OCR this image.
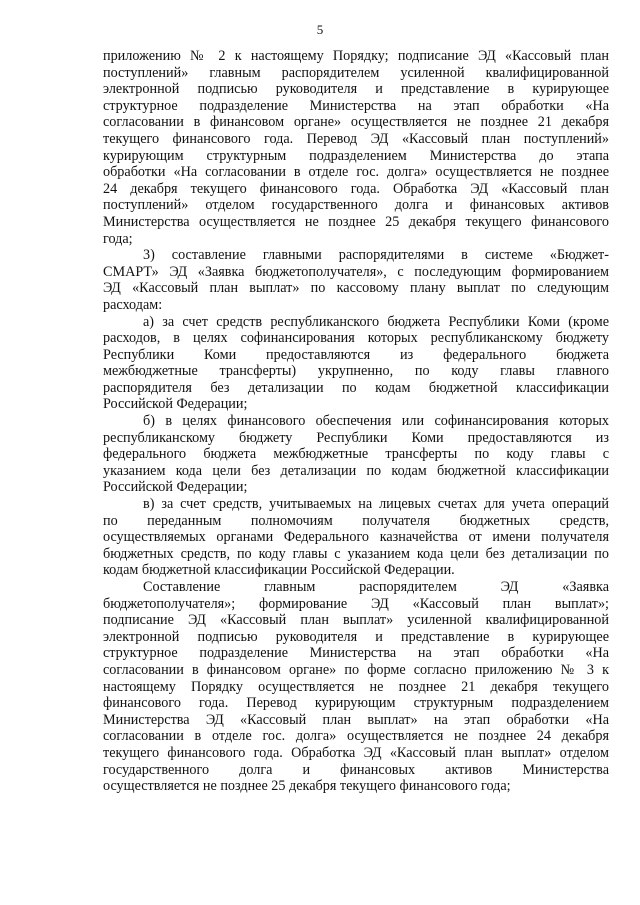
5
приложению № 2 к настоящему Порядку; подписание ЭД «Кассовый план
поступлений» главным распорядителем усиленной квалифицированной
электронной подписью руководителя и представление в курирующее
структурное подразделение Министерства на этап обработки «На
согласовании в финансовом органе» осуществляется не позднее 21 декабря
текущего финансового года. Перевод ЭД «Кассовый план поступлений»
курирующим структурным подразделением Министерства до этапа
обработки «На согласовании в отделе гос. долга» осуществляется не позднее
24 декабря текущего финансового года. Обработка ЭД «Кассовый план
поступлений» отделом государственного долга и финансовых активов
Министерства осуществляется не позднее 25 декабря текущего финансового
года;
3) составление главными распорядителями в системе «Бюджет-
СМАРТ» ЭД «Заявка бюджетополучателя», с последующим формированием
ЭД «Кассовый план выплат» по кассовому плану выплат по следующим
расходам:
а) за счет средств республиканского бюджета Республики Коми (кроме
расходов, в целях софинансирования которых республиканскому бюджету
Республики Коми предоставляются из федерального бюджета
межбюджетные трансферты) укрупненно, по коду главы главного
распорядителя без детализации по кодам бюджетной классификации
Российской Федерации;
б) в целях финансового обеспечения или софинансирования которых
республиканскому бюджету Республики Коми предоставляются из
федерального бюджета межбюджетные трансферты по коду главы с
указанием кода цели без детализации по кодам бюджетной классификации
Российской Федерации;
в) за счет средств, учитываемых на лицевых счетах для учета операций
по переданным полномочиям получателя бюджетных средств,
осуществляемых органами Федерального казначейства от имени получателя
бюджетных средств, по коду главы с указанием кода цели без детализации по
кодам бюджетной классификации Российской Федерации.
Составление главным распорядителем ЭД «Заявка
бюджетополучателя»; формирование ЭД «Кассовый план выплат»;
подписание ЭД «Кассовый план выплат» усиленной квалифицированной
электронной подписью руководителя и представление в курирующее
структурное подразделение Министерства на этап обработки «На
согласовании в финансовом органе» по форме согласно приложению № 3 к
настоящему Порядку осуществляется не позднее 21 декабря текущего
финансового года. Перевод курирующим структурным подразделением
Министерства ЭД «Кассовый план выплат» на этап обработки «На
согласовании в отделе гос. долга» осуществляется не позднее 24 декабря
текущего финансового года. Обработка ЭД «Кассовый план выплат» отделом
государственного долга и финансовых активов Министерства
осуществляется не позднее 25 декабря текущего финансового года;
